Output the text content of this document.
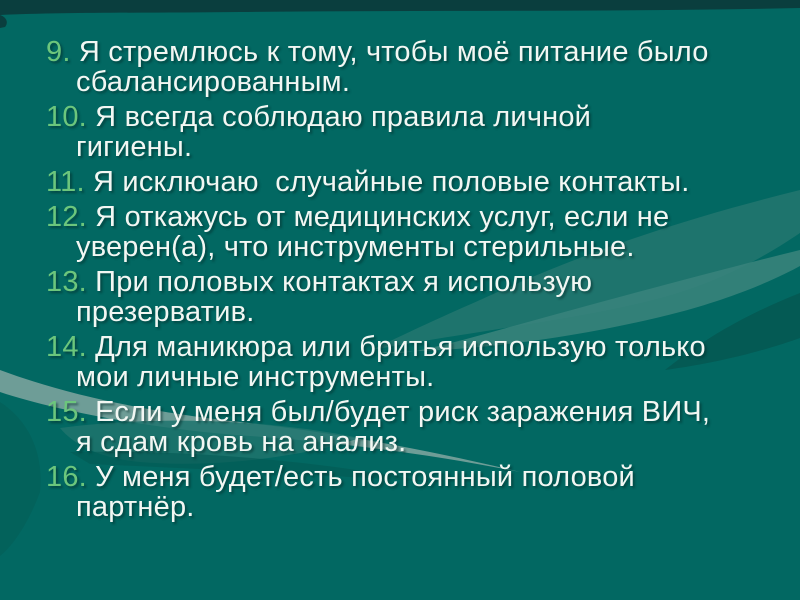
9. Я стремлюсь к тому, чтобы моё питание было
сбалансированным.

10. Я всегда соблюдаю правила личной
гигиены.

11. Я исключаю  случайные половые контакты.

12. Я откажусь от медицинских услуг, если не
уверен(а), что инструменты стерильные.

13. При половых контактах я использую
презерватив.

14. Для маникюра или бритья использую только
мои личные инструменты.

15. Если у меня был/будет риск заражения ВИЧ,
я сдам кровь на анализ.

16. У меня будет/есть постоянный половой
партнёр.
